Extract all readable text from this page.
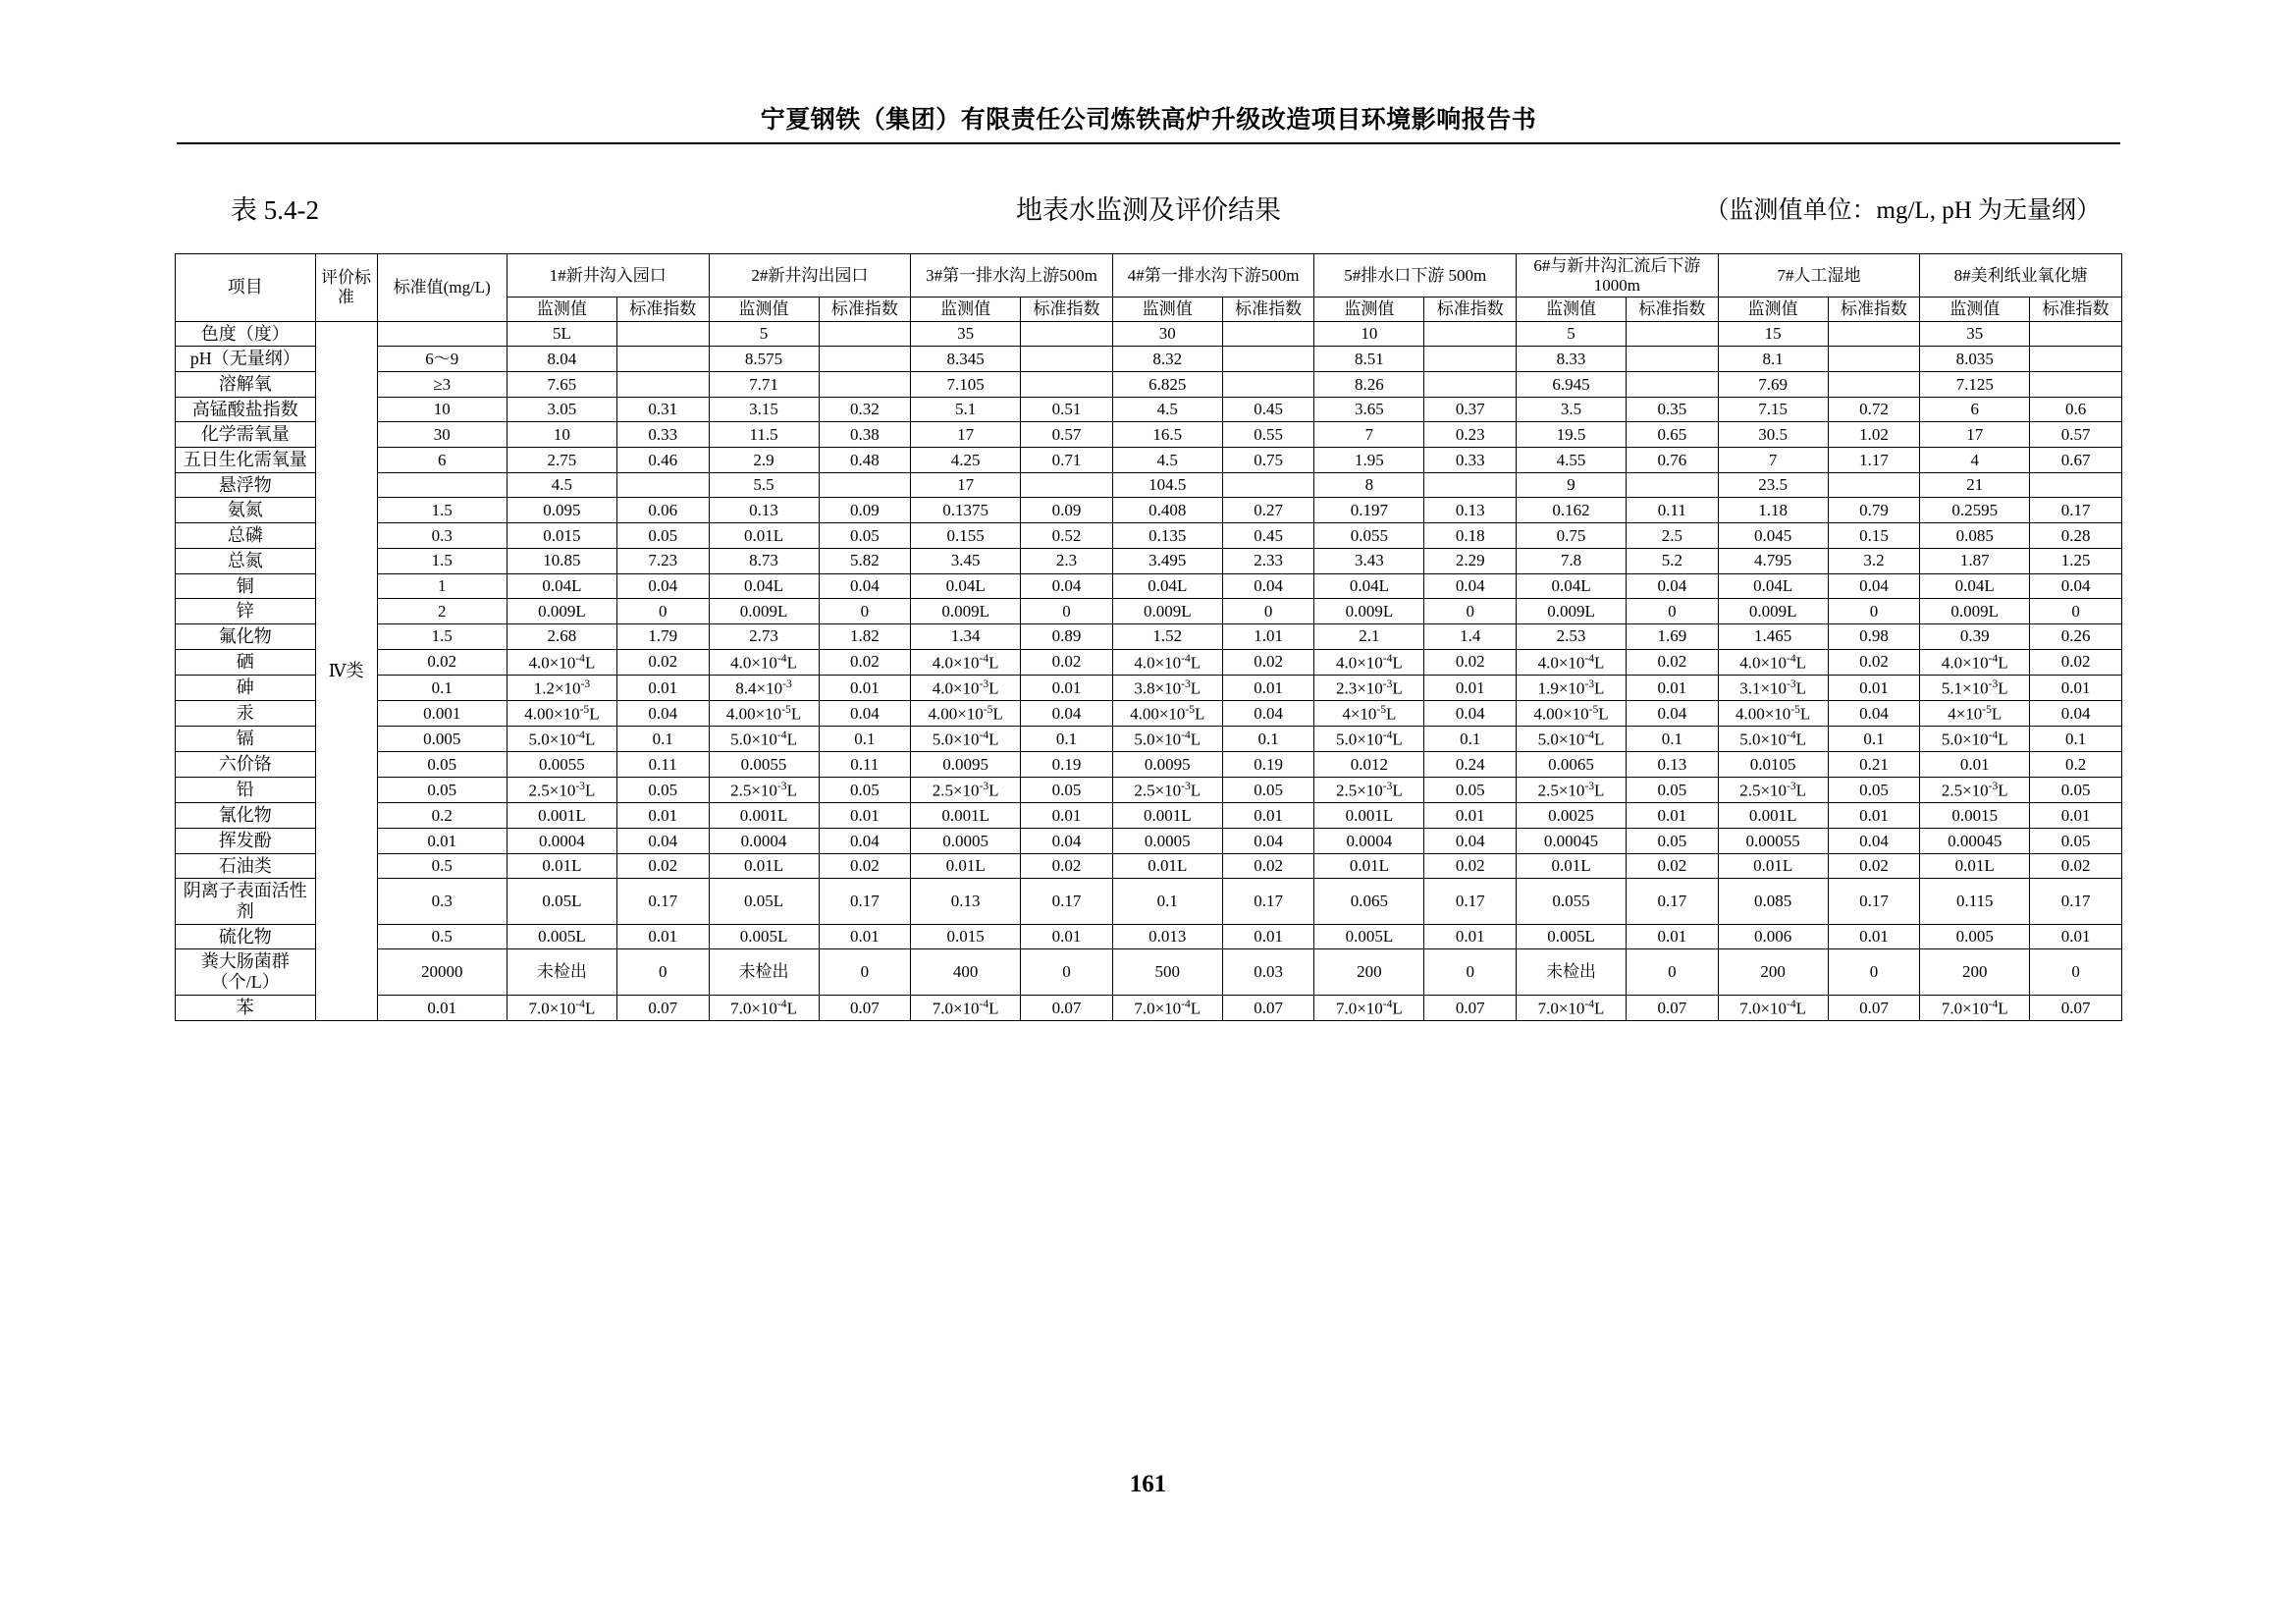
宁夏钢铁（集团）有限责任公司炼铁高炉升级改造项目环境影响报告书
地表水监测及评价结果
表 5.4-2	（监测值单位：mg/L, pH 为无量纲）
项目	评价标准	标准值(mg/L)	1#新井沟入园口		2#新井沟出园口		3#第一排水沟上游500m		4#第一排水沟下游500m		5#排水口下游 500m		6#与新井沟汇流后下游 1000m		7#人工湿地		8#美利纸业氧化塘	
			监测值	标准指数	监测值	标准指数	监测值	标准指数	监测值	标准指数	监测值	标准指数	监测值	标准指数	监测值	标准指数	监测值	标准指数
色度（度）	Ⅳ类		5L		5		35		30		10		5		15		35	
pH（无量纲）		6～9	8.04		8.575		8.345		8.32		8.51		8.33		8.1		8.035	
溶解氧		≥3	7.65		7.71		7.105		6.825		8.26		6.945		7.69		7.125	
高锰酸盐指数		10	3.05	0.31	3.15	0.32	5.1	0.51	4.5	0.45	3.65	0.37	3.5	0.35	7.15	0.72	6	0.6
化学需氧量		30	10	0.33	11.5	0.38	17	0.57	16.5	0.55	7	0.23	19.5	0.65	30.5	1.02	17	0.57
五日生化需氧量		6	2.75	0.46	2.9	0.48	4.25	0.71	4.5	0.75	1.95	0.33	4.55	0.76	7	1.17	4	0.67
悬浮物			4.5		5.5		17		104.5		8		9		23.5		21	
氨氮		1.5	0.095	0.06	0.13	0.09	0.1375	0.09	0.408	0.27	0.197	0.13	0.162	0.11	1.18	0.79	0.2595	0.17
总磷		0.3	0.015	0.05	0.01L	0.05	0.155	0.52	0.135	0.45	0.055	0.18	0.75	2.5	0.045	0.15	0.085	0.28
总氮		1.5	10.85	7.23	8.73	5.82	3.45	2.3	3.495	2.33	3.43	2.29	7.8	5.2	4.795	3.2	1.87	1.25
铜		1	0.04L	0.04	0.04L	0.04	0.04L	0.04	0.04L	0.04	0.04L	0.04	0.04L	0.04	0.04L	0.04	0.04L	0.04
锌		2	0.009L	0	0.009L	0	0.009L	0	0.009L	0	0.009L	0	0.009L	0	0.009L	0	0.009L	0
氟化物		1.5	2.68	1.79	2.73	1.82	1.34	0.89	1.52	1.01	2.1	1.4	2.53	1.69	1.465	0.98	0.39	0.26
硒		0.02	$4.0\times 10^{-4}L$	0.02	$4.0\times 10^{-4}L$	0.02	$4.0\times 10^{-4}L$	0.02	$4.0\times 10^{-4}L$	0.02	$4.0\times 10^{-4}L$	0.02	$4.0\times 10^{-4}L$	0.02	$4.0\times 10^{-4}L$	0.02	$4.0\times 10^{-4}L$	0.02
砷		0.1	$1.2\times 10^{-3}$	0.01	$8.4\times 10^{-3}$	0.01	$4.0\times 10^{-3}L$	0.01	$3.8\times 10^{-3}L$	0.01	$2.3\times 10^{-3}L$	0.01	$1.9\times 10^{-3}L$	0.01	$3.1\times 10^{-3}L$	0.01	$5.1\times 10^{-3}L$	0.01
汞		0.001	$4.00\times 10^{-5}L$	0.04	$4.00\times 10^{-5}L$	0.04	$4.00\times 10^{-5}L$	0.04	$4.00\times 10^{-5}L$	0.04	$4\times 10^{-5}L$	0.04	$4.00\times 10^{-5}L$	0.04	$4.00\times 10^{-5}L$	0.04	$4\times 10^{-5}L$	0.04
镉		0.005	$5.0\times 10^{-4}L$	0.1	$5.0\times 10^{-4}L$	0.1	$5.0\times 10^{-4}L$	0.1	$5.0\times 10^{-4}L$	0.1	$5.0\times 10^{-4}L$	0.1	$5.0\times 10^{-4}L$	0.1	$5.0\times 10^{-4}L$	0.1	$5.0\times 10^{-4}L$	0.1
六价铬		0.05	0.0055	0.11	0.0055	0.11	0.0095	0.19	0.0095	0.19	0.012	0.24	0.0065	0.13	0.0105	0.21	0.01	0.2
铅		0.05	$2.5\times 10^{-3}L$	0.05	$2.5\times 10^{-3}L$	0.05	$2.5\times 10^{-3}L$	0.05	$2.5\times 10^{-3}L$	0.05	$2.5\times 10^{-3}L$	0.05	$2.5\times 10^{-3}L$	0.05	$2.5\times 10^{-3}L$	0.05	$2.5\times 10^{-3}L$	0.05
氰化物		0.2	0.001L	0.01	0.001L	0.01	0.001L	0.01	0.001L	0.01	0.001L	0.01	0.0025	0.01	0.001L	0.01	0.0015	0.01
挥发酚		0.01	0.0004	0.04	0.0004	0.04	0.0005	0.04	0.0005	0.04	0.0004	0.04	0.00045	0.05	0.00055	0.04	0.00045	0.05
石油类		0.5	0.01L	0.02	0.01L	0.02	0.01L	0.02	0.01L	0.02	0.01L	0.02	0.01L	0.02	0.01L	0.02	0.01L	0.02
阴离子表面活性剂		0.3	0.05L	0.17	0.05L	0.17	0.13	0.17	0.1	0.17	0.065	0.17	0.055	0.17	0.085	0.17	0.115	0.17
硫化物		0.5	0.005L	0.01	0.005L	0.01	0.015	0.01	0.013	0.01	0.005L	0.01	0.005L	0.01	0.006	0.01	0.005	0.01
粪大肠菌群（个/L）		20000	未检出	0	未检出	0	400	0	500	0.03	200	0	未检出	0	200	0	200	0
苯		0.01	$7.0\times 10^{-4}L$	0.07	$7.0\times 10^{-4}L$	0.07	$7.0\times 10^{-4}L$	0.07	$7.0\times 10^{-4}L$	0.07	$7.0\times 10^{-4}L$	0.07	$7.0\times 10^{-4}L$	0.07	$7.0\times 10^{-4}L$	0.07	$7.0\times 10^{-4}L$	0.07
161
